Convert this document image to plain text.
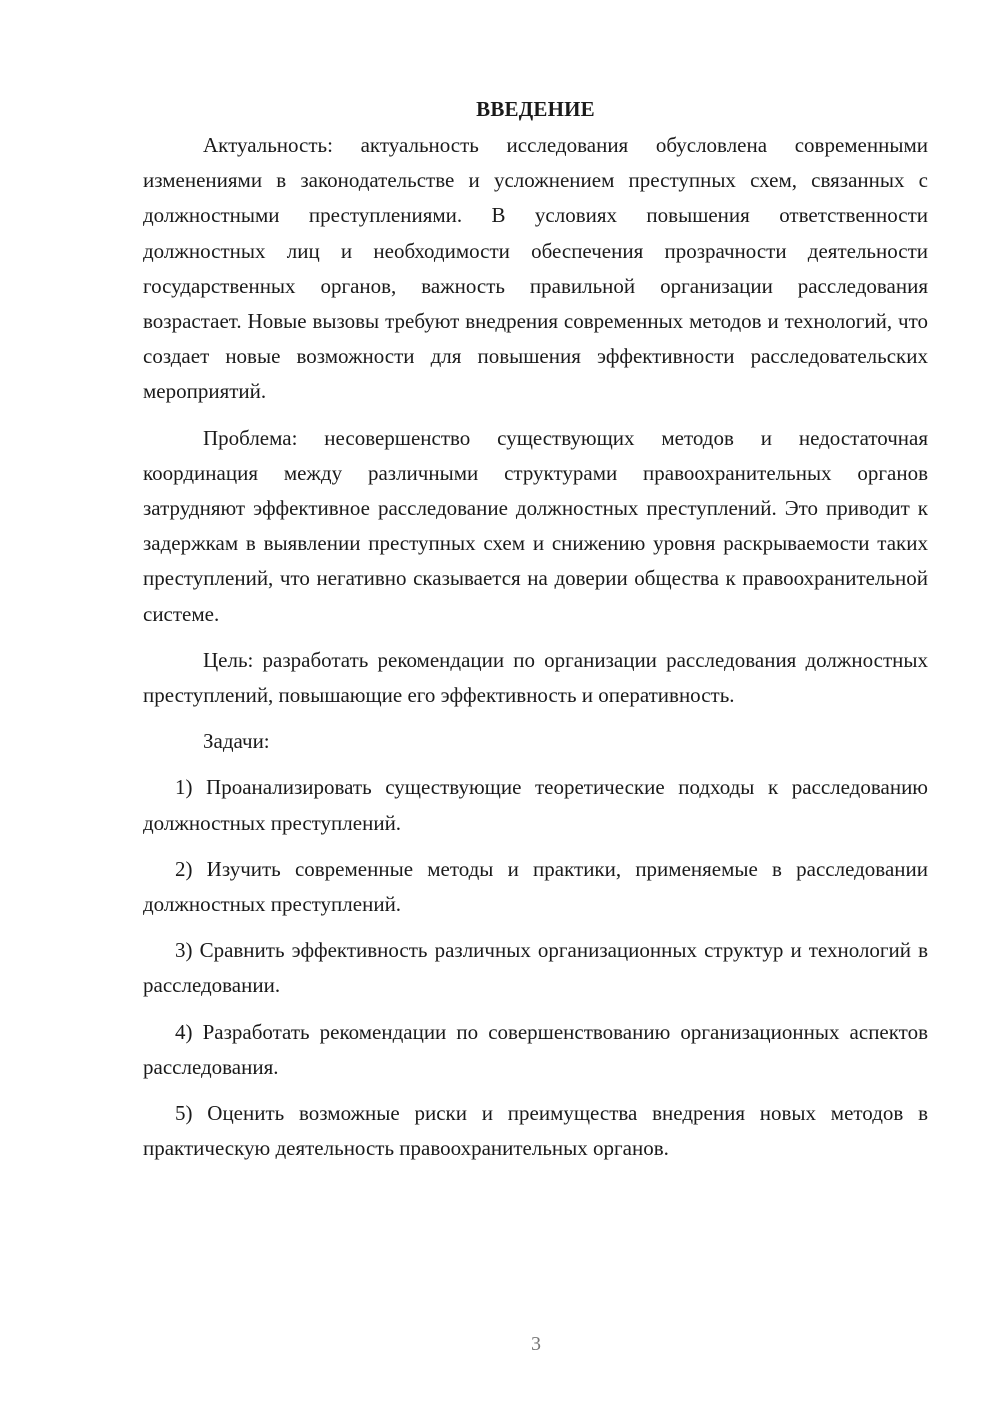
ВВЕДЕНИЕ

Актуальность: актуальность исследования обусловлена современными изменениями в законодательстве и усложнением преступных схем, связанных с должностными преступлениями. В условиях повышения ответственности должностных лиц и необходимости обеспечения прозрачности деятельности государственных органов, важность правильной организации расследования возрастает. Новые вызовы требуют внедрения современных методов и технологий, что создает новые возможности для повышения эффективности расследовательских мероприятий.

Проблема: несовершенство существующих методов и недостаточная координация между различными структурами правоохранительных органов затрудняют эффективное расследование должностных преступлений. Это приводит к задержкам в выявлении преступных схем и снижению уровня раскрываемости таких преступлений, что негативно сказывается на доверии общества к правоохранительной системе.

Цель: разработать рекомендации по организации расследования должностных преступлений, повышающие его эффективность и оперативность.

Задачи:

1) Проанализировать существующие теоретические подходы к расследованию должностных преступлений.

2) Изучить современные методы и практики, применяемые в расследовании должностных преступлений.

3) Сравнить эффективность различных организационных структур и технологий в расследовании.

4) Разработать рекомендации по совершенствованию организационных аспектов расследования.

5) Оценить возможные риски и преимущества внедрения новых методов в практическую деятельность правоохранительных органов.

3
